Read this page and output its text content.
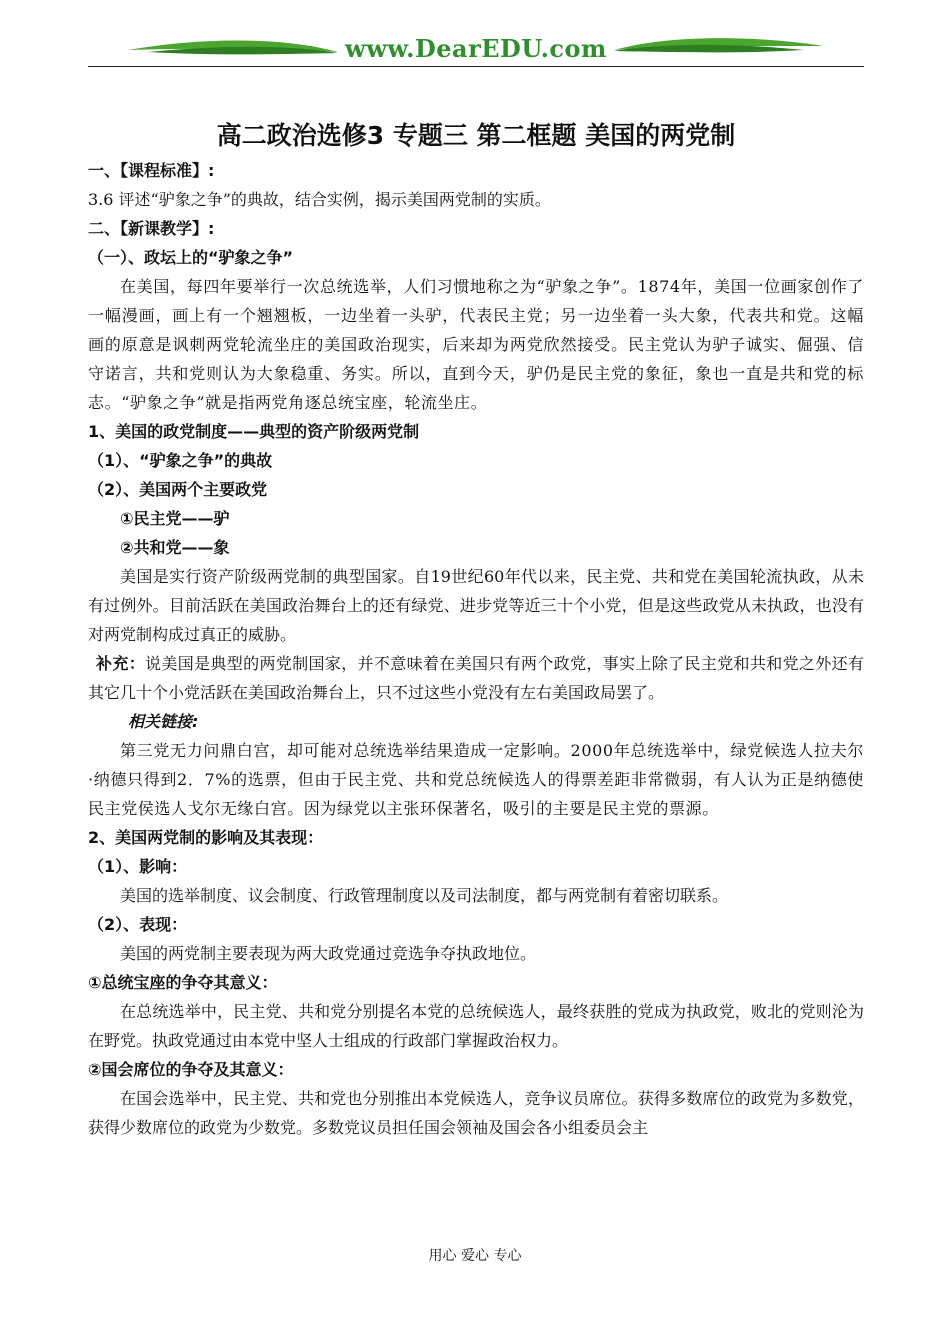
www.DearEDU.com
高二政治选修3 专题三 第二框题 美国的两党制
一、【课程标准】:
3.6 评述“驴象之争”的典故，结合实例，揭示美国两党制的实质。
二、【新课教学】:
（一）、政坛上的“驴象之争”
在美国，每四年要举行一次总统选举，人们习惯地称之为“驴象之争”。1874年，美国一位画家创作了一幅漫画，画上有一个翘翘板，一边坐着一头驴，代表民主党；另一边坐着一头大象，代表共和党。这幅画的原意是讽刺两党轮流坐庄的美国政治现实，后来却为两党欣然接受。民主党认为驴子诚实、倔强、信守诺言，共和党则认为大象稳重、务实。所以，直到今天，驴仍是民主党的象征，象也一直是共和党的标志。“驴象之争”就是指两党角逐总统宝座，轮流坐庄。
1、美国的政党制度——典型的资产阶级两党制
（1）、“驴象之争”的典故
（2）、美国两个主要政党
①民主党——驴
②共和党——象
美国是实行资产阶级两党制的典型国家。自19世纪60年代以来，民主党、共和党在美国轮流执政，从未有过例外。目前活跃在美国政治舞台上的还有绿党、进步党等近三十个小党，但是这些政党从未执政，也没有对两党制构成过真正的威胁。
补充：说美国是典型的两党制国家，并不意味着在美国只有两个政党，事实上除了民主党和共和党之外还有其它几十个小党活跃在美国政治舞台上，只不过这些小党没有左右美国政局罢了。
相关链接:
第三党无力问鼎白宫，却可能对总统选举结果造成一定影响。2000年总统选举中，绿党候选人拉夫尔·纳德只得到2．7%的选票，但由于民主党、共和党总统候选人的得票差距非常微弱，有人认为正是纳德使民主党侯选人戈尔无缘白宫。因为绿党以主张环保著名，吸引的主要是民主党的票源。
2、美国两党制的影响及其表现：
（1）、影响：
美国的选举制度、议会制度、行政管理制度以及司法制度，都与两党制有着密切联系。
（2）、表现：
美国的两党制主要表现为两大政党通过竞选争夺执政地位。
①总统宝座的争夺其意义：
在总统选举中，民主党、共和党分别提名本党的总统候选人，最终获胜的党成为执政党，败北的党则沦为在野党。执政党通过由本党中坚人士组成的行政部门掌握政治权力。
②国会席位的争夺及其意义：
在国会选举中，民主党、共和党也分别推出本党候选人，竞争议员席位。获得多数席位的政党为多数党，获得少数席位的政党为少数党。多数党议员担任国会领袖及国会各小组委员会主
用心 爱心 专心
